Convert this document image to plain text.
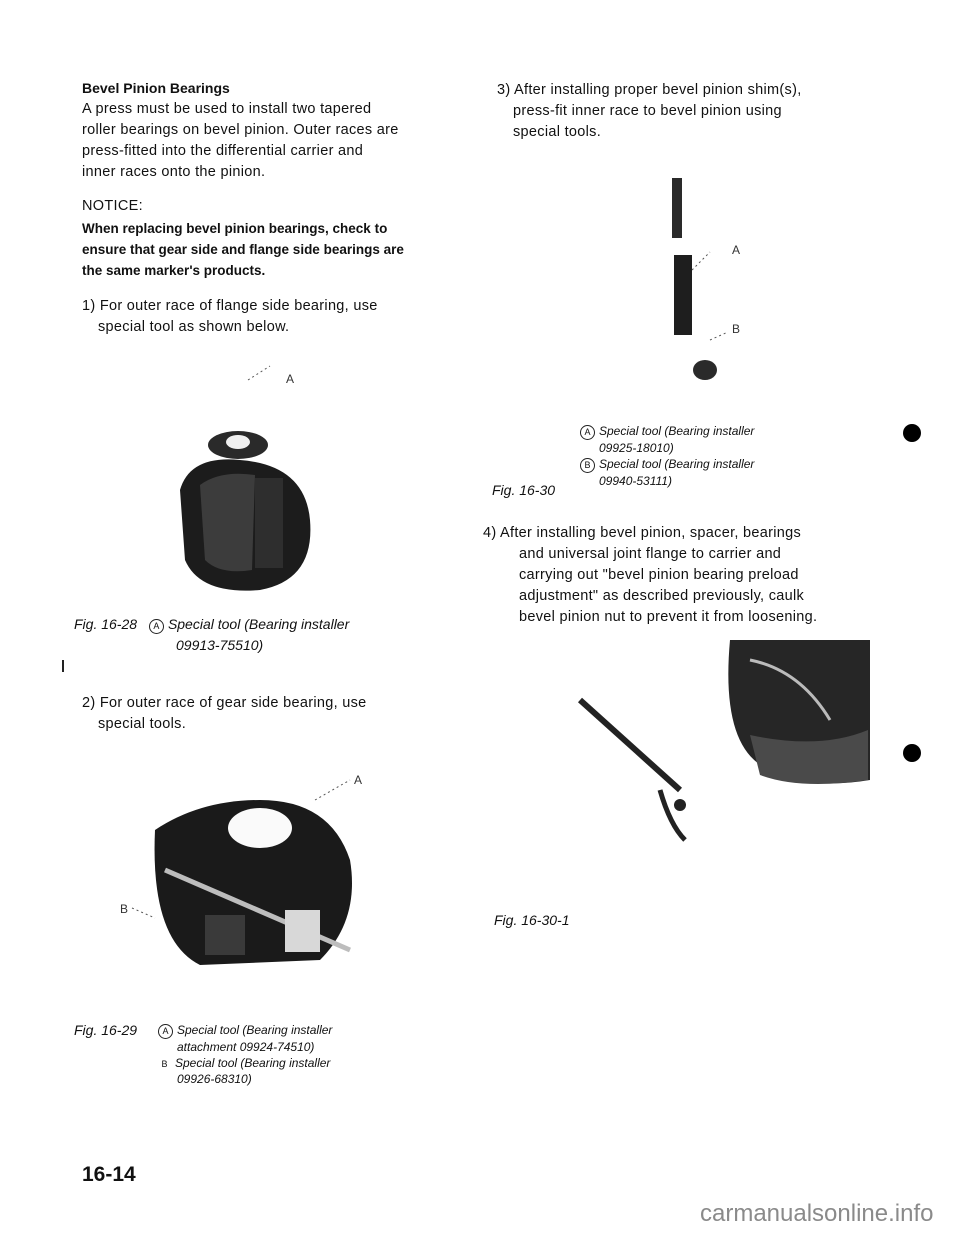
Bevel Pinion Bearings
A press must be used to install two tapered
roller bearings on bevel pinion. Outer races are
press-fitted into the differential carrier and
inner races onto the pinion.
NOTICE:
When replacing bevel pinion bearings, check to
ensure that gear side and flange side bearings are
the same marker's products.
1) For outer race of flange side bearing, use
special tool as shown below.
A
Fig. 16-28 A Special tool (Bearing installer
09913-75510)
2) For outer race of gear side bearing, use
special tools.
A
B
Fig. 16-29	A Special tool (Bearing installer
attachment 09924-74510)
B Special tool (Bearing installer
09926-68310)
16-14
3) After installing proper bevel pinion shim(s),
press-fit inner race to bevel pinion using
special tools.
A
B
A Special tool (Bearing installer
09925-18010)
B Special tool (Bearing installer
09940-53111)
Fig. 16-30
4) After installing bevel pinion, spacer, bearings
and universal joint flange to carrier and
carrying out "bevel pinion bearing preload
adjustment" as described previously, caulk
bevel pinion nut to prevent it from loosening.
Fig. 16-30-1
carmanualsonline.info
